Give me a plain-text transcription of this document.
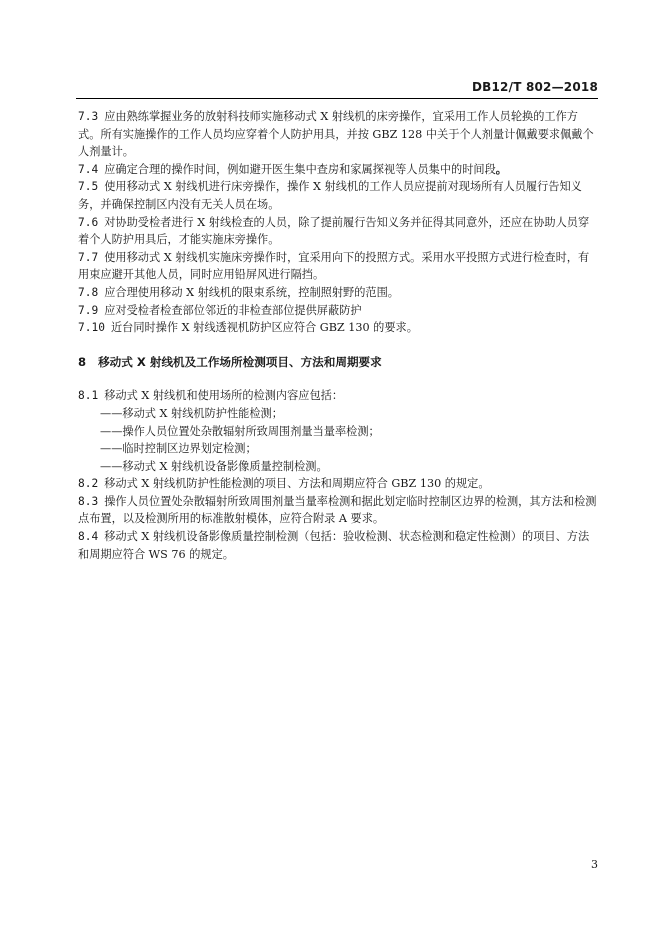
DB12/T 802—2018

7.3 应由熟练掌握业务的放射科技师实施移动式 X 射线机的床旁操作，宜采用工作人员轮换的工作方式。所有实施操作的工作人员均应穿着个人防护用具，并按 GBZ 128 中关于个人剂量计佩戴要求佩戴个人剂量计。

7.4 应确定合理的操作时间，例如避开医生集中查房和家属探视等人员集中的时间段。

7.5 使用移动式 X 射线机进行床旁操作，操作 X 射线机的工作人员应提前对现场所有人员履行告知义务，并确保控制区内没有无关人员在场。

7.6 对协助受检者进行 X 射线检查的人员，除了提前履行告知义务并征得其同意外，还应在协助人员穿着个人防护用具后，才能实施床旁操作。

7.7 使用移动式 X 射线机实施床旁操作时，宜采用向下的投照方式。采用水平投照方式进行检查时，有用束应避开其他人员，同时应用铅屏风进行隔挡。

7.8 应合理使用移动 X 射线机的限束系统，控制照射野的范围。

7.9 应对受检者检查部位邻近的非检查部位提供屏蔽防护

7.10 近台同时操作 X 射线透视机防护区应符合 GBZ 130 的要求。

8 移动式 X 射线机及工作场所检测项目、方法和周期要求

8.1 移动式 X 射线机和使用场所的检测内容应包括：

——移动式 X 射线机防护性能检测；

——操作人员位置处杂散辐射所致周围剂量当量率检测；

——临时控制区边界划定检测；

——移动式 X 射线机设备影像质量控制检测。

8.2 移动式 X 射线机防护性能检测的项目、方法和周期应符合 GBZ 130 的规定。

8.3 操作人员位置处杂散辐射所致周围剂量当量率检测和据此划定临时控制区边界的检测，其方法和检测点布置，以及检测所用的标准散射模体，应符合附录 A 要求。

8.4 移动式 X 射线机设备影像质量控制检测（包括：验收检测、状态检测和稳定性检测）的项目、方法和周期应符合 WS 76 的规定。

3
